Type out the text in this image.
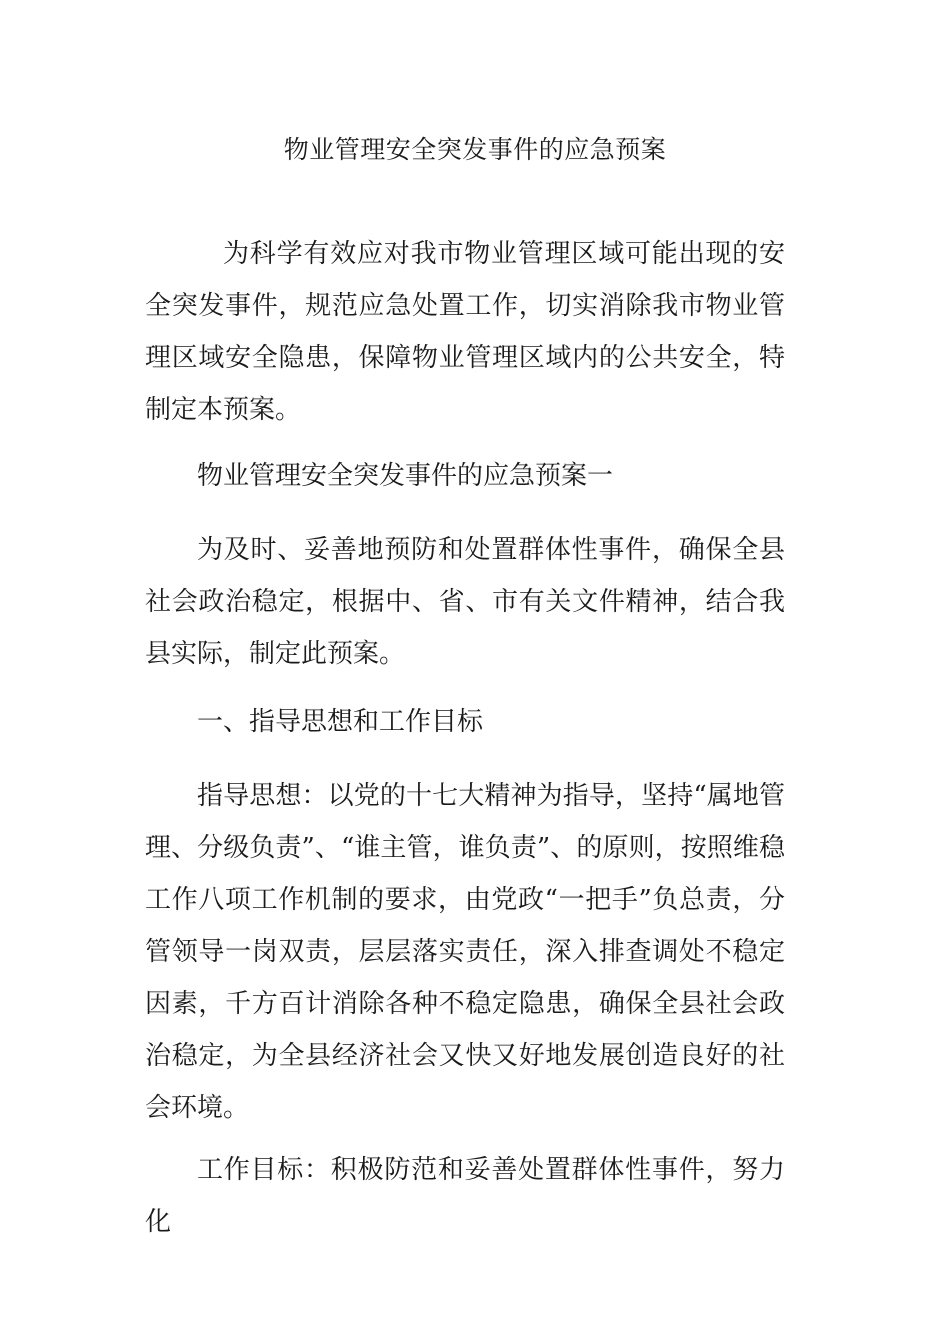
物业管理安全突发事件的应急预案

为科学有效应对我市物业管理区域可能出现的安全突发事件，规范应急处置工作，切实消除我市物业管理区域安全隐患，保障物业管理区域内的公共安全，特制定本预案。

物业管理安全突发事件的应急预案一

为及时、妥善地预防和处置群体性事件，确保全县社会政治稳定，根据中、省、市有关文件精神，结合我县实际，制定此预案。

一、指导思想和工作目标

指导思想：以党的十七大精神为指导，坚持“属地管理、分级负责”、“谁主管，谁负责”、的原则，按照维稳工作八项工作机制的要求，由党政“一把手”负总责，分管领导一岗双责，层层落实责任，深入排查调处不稳定因素，千方百计消除各种不稳定隐患，确保全县社会政治稳定，为全县经济社会又快又好地发展创造良好的社会环境。

工作目标：积极防范和妥善处置群体性事件，努力化
